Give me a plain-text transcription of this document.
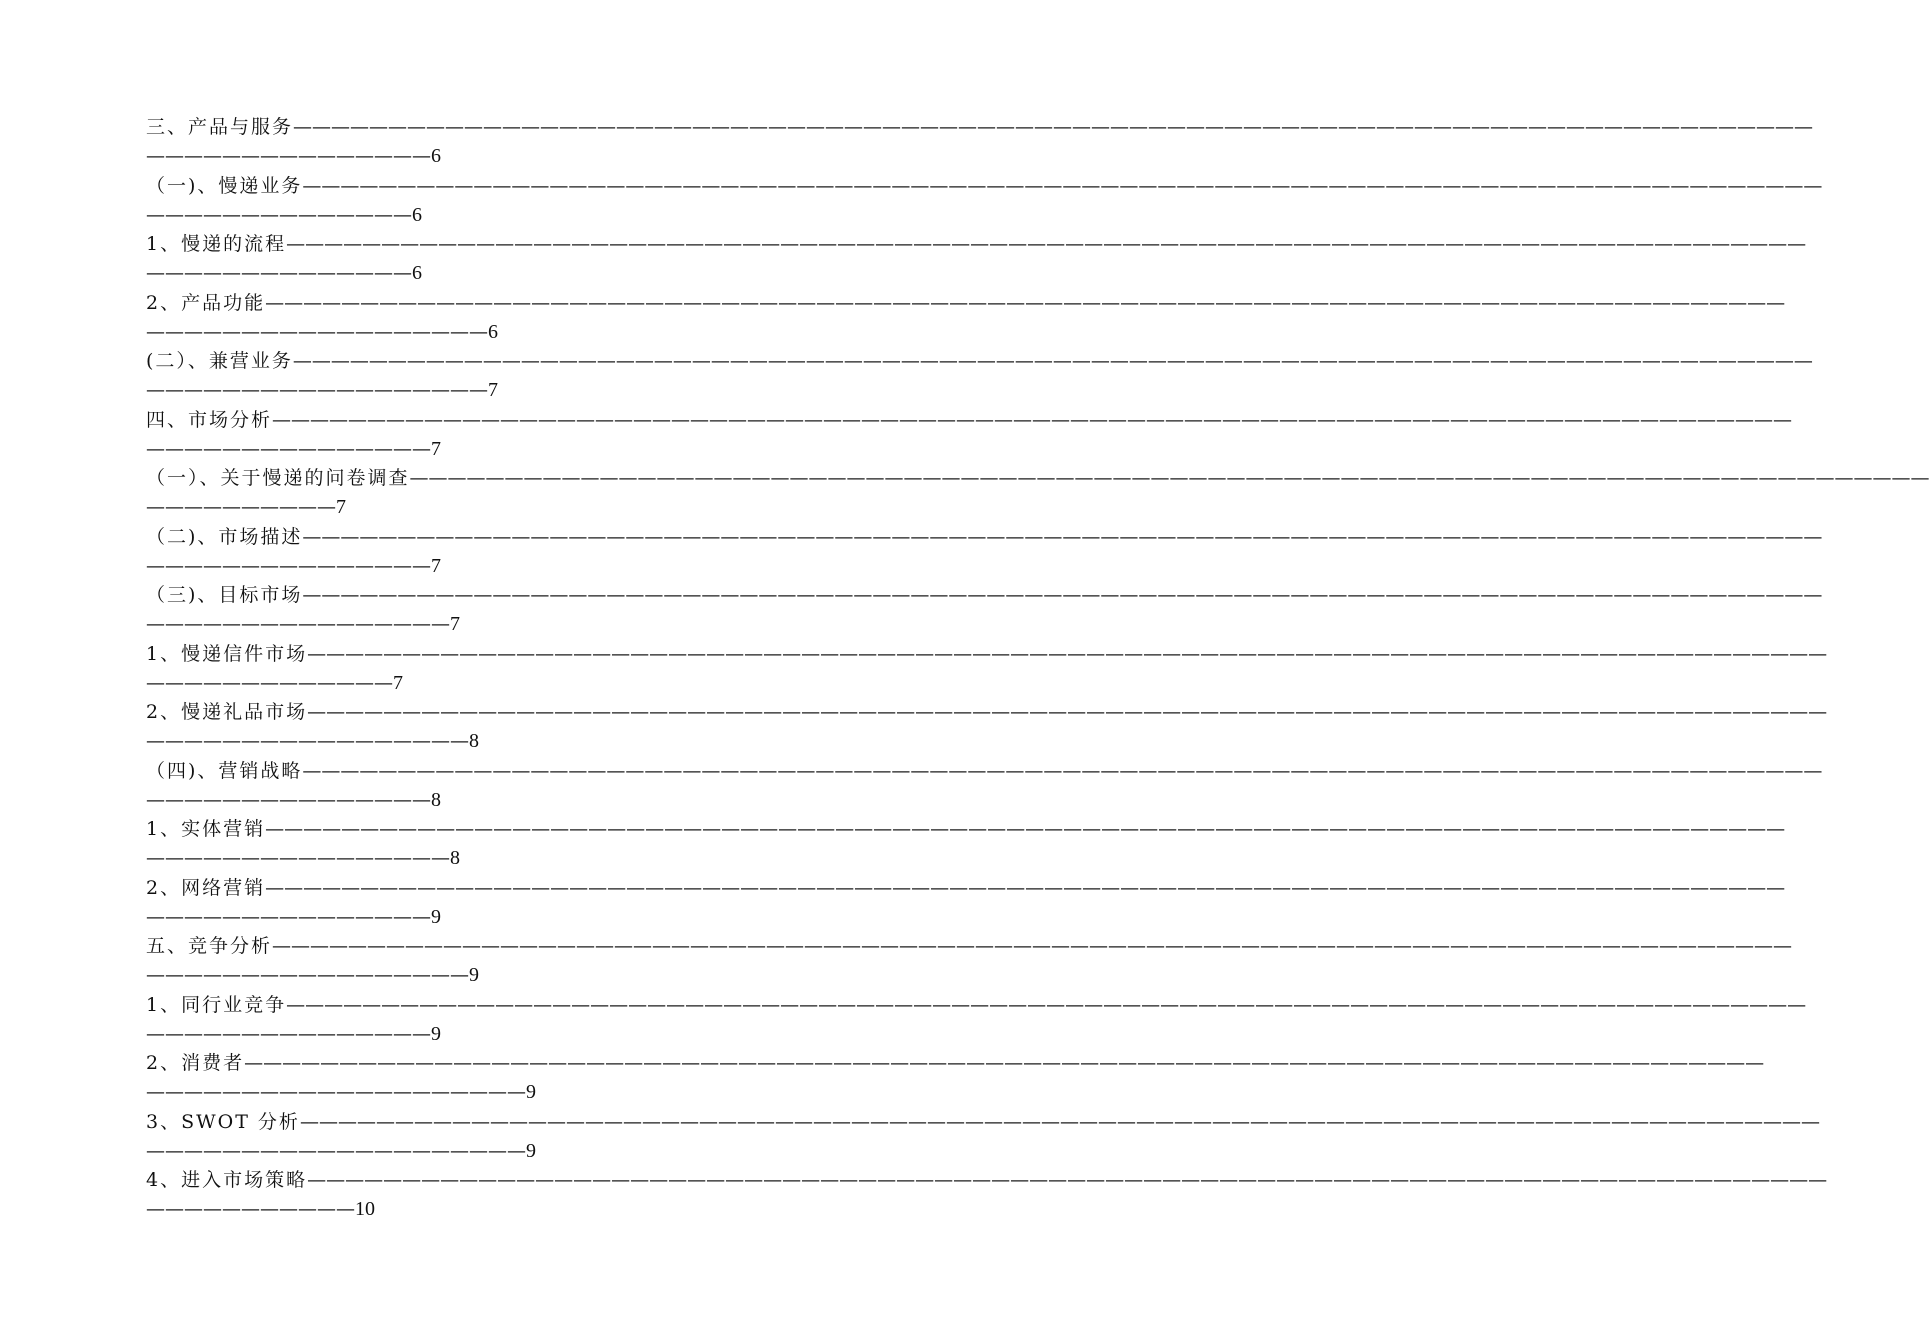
三、产品与服务————————————————————————————————————————————————————————————————————————————————
———————————————6
（一)、慢递业务————————————————————————————————————————————————————————————————————————————————
——————————————6
1、慢递的流程————————————————————————————————————————————————————————————————————————————————
——————————————6
2、产品功能————————————————————————————————————————————————————————————————————————————————
——————————————————6
(二）、兼营业务————————————————————————————————————————————————————————————————————————————————
——————————————————7
四、市场分析————————————————————————————————————————————————————————————————————————————————
———————————————7
（一）、关于慢递的问卷调查————————————————————————————————————————————————————————————————————————————————
——————————7
（二)、市场描述————————————————————————————————————————————————————————————————————————————————
———————————————7
（三)、目标市场————————————————————————————————————————————————————————————————————————————————
————————————————7
1、慢递信件市场————————————————————————————————————————————————————————————————————————————————
—————————————7
2、慢递礼品市场————————————————————————————————————————————————————————————————————————————————
—————————————————8
（四)、营销战略————————————————————————————————————————————————————————————————————————————————
———————————————8
1、实体营销————————————————————————————————————————————————————————————————————————————————
————————————————8
2、网络营销————————————————————————————————————————————————————————————————————————————————
———————————————9
五、竞争分析————————————————————————————————————————————————————————————————————————————————
—————————————————9
1、同行业竞争————————————————————————————————————————————————————————————————————————————————
———————————————9
2、消费者————————————————————————————————————————————————————————————————————————————————
————————————————————9
3、SWOT 分析————————————————————————————————————————————————————————————————————————————————
————————————————————9
4、进入市场策略————————————————————————————————————————————————————————————————————————————————
———————————10
